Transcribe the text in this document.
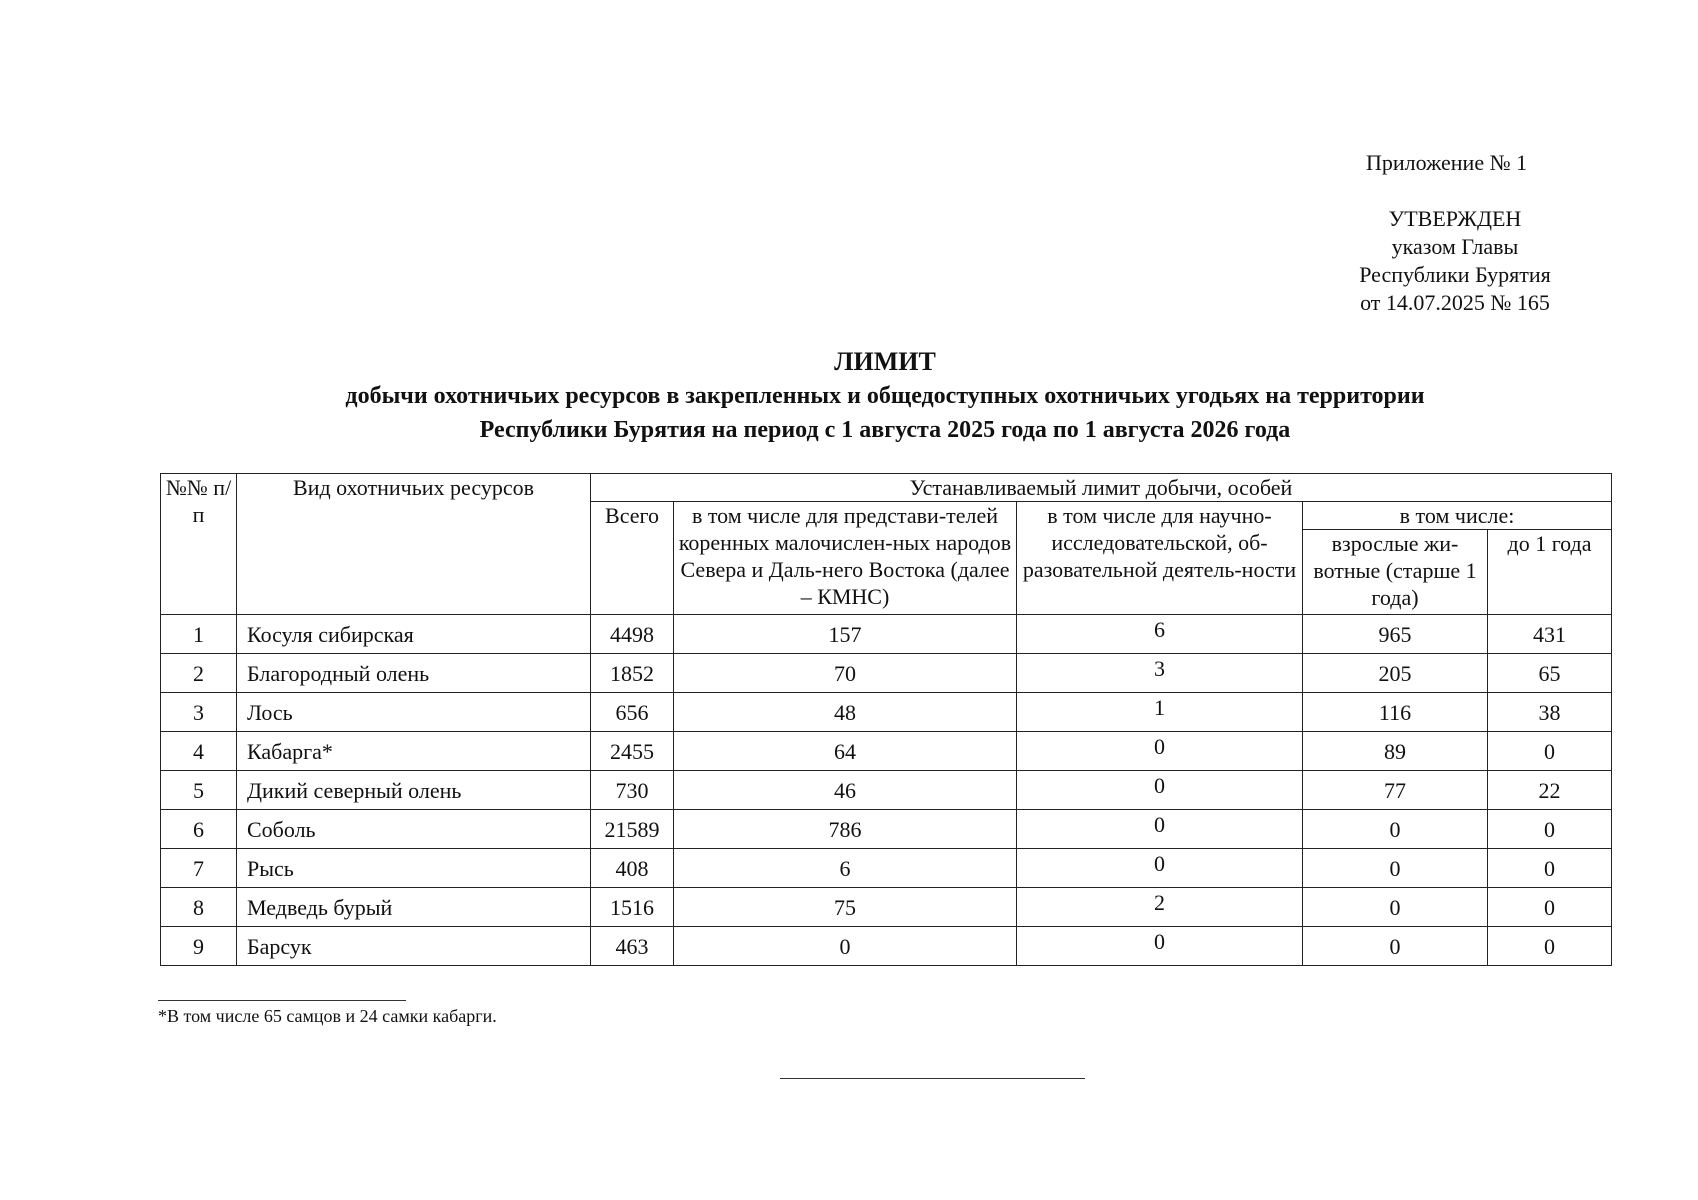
Приложение № 1
УТВЕРЖДЕН
указом Главы
Республики Бурятия
от 14.07.2025 № 165
ЛИМИТ
добычи охотничьих ресурсов в закрепленных и общедоступных охотничьих угодьях на территории
Республики Бурятия на период с 1 августа 2025 года по 1 августа 2026 года
№№ п/п	Вид охотничьих ресурсов	Устанавливаемый лимит добычи, особей				
		Всего	в том числе для представи-телей коренных малочислен-ных народов Севера и Даль-него Востока (далее – КМНС)	в том числе для научно-исследовательской, об-разовательной деятель-ности	в том числе:	
					взрослые жи-вотные (старше 1 года)	до 1 года
1	Косуля сибирская	4498	157	6	965	431
2	Благородный олень	1852	70	3	205	65
3	Лось	656	48	1	116	38
4	Кабарга*	2455	64	0	89	0
5	Дикий северный олень	730	46	0	77	22
6	Соболь	21589	786	0	0	0
7	Рысь	408	6	0	0	0
8	Медведь бурый	1516	75	2	0	0
9	Барсук	463	0	0	0	0
*В том числе 65 самцов и 24 самки кабарги.
